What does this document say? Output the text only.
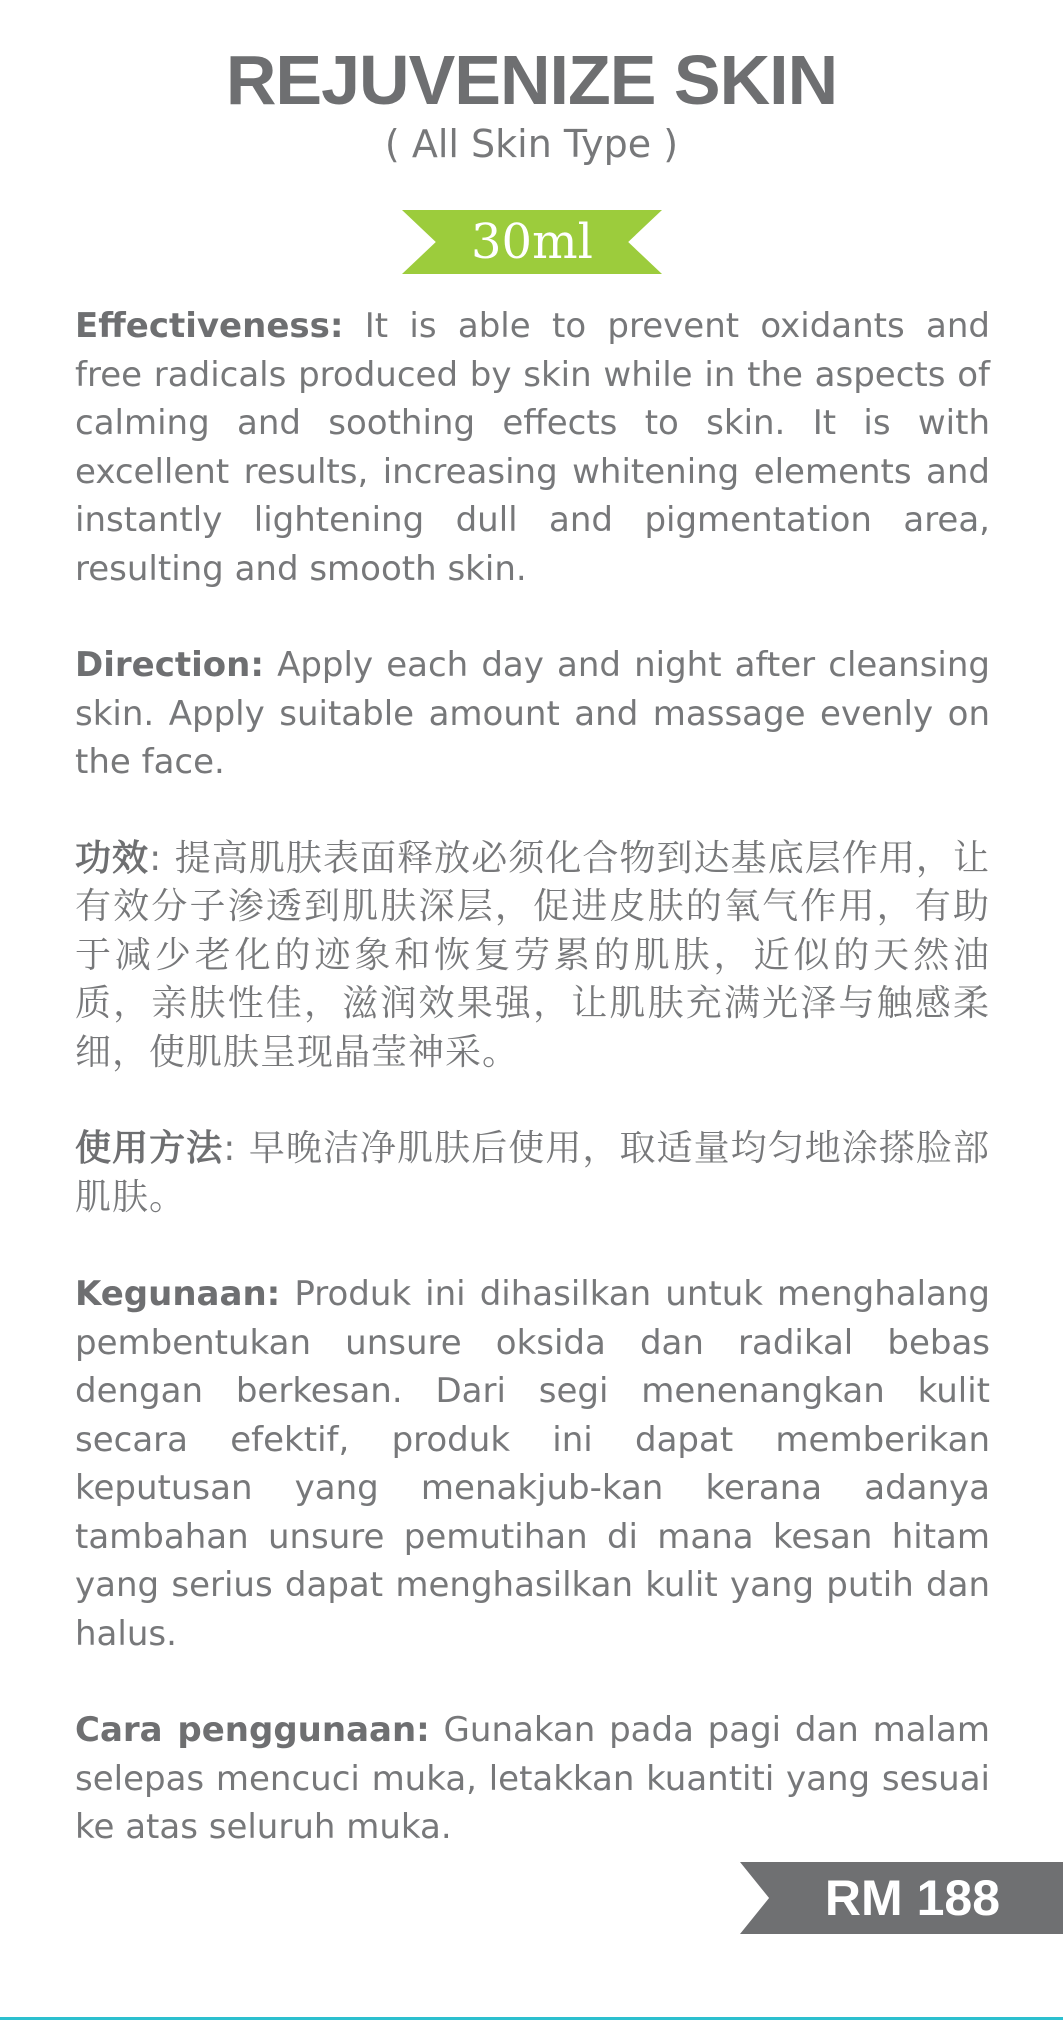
REJUVENIZE SKIN
( All Skin Type )
30ml

Effectiveness: It is able to prevent oxidants and free radicals produced by skin while in the aspects of calming and soothing effects to skin. It is with excellent results, increasing whitening elements and instantly lightening dull and pigmentation area, resulting and smooth skin.

Direction: Apply each day and night after cleansing skin. Apply suitable amount and massage evenly on the face.

功效: 提高肌肤表面释放必须化合物到达基底层作用，让有效分子渗透到肌肤深层，促进皮肤的氧气作用，有助于减少老化的迹象和恢复劳累的肌肤，近似的天然油质，亲肤性佳，滋润效果强，让肌肤充满光泽与触感柔细，使肌肤呈现晶莹神采。

使用方法: 早晚洁净肌肤后使用，取适量均匀地涂搽脸部肌肤。

Kegunaan: Produk ini dihasilkan untuk menghalang pembentukan unsure oksida dan radikal bebas dengan berkesan. Dari segi menenangkan kulit secara efektif, produk ini dapat memberikan keputusan yang menakjub-kan kerana adanya tambahan unsure pemutihan di mana kesan hitam yang serius dapat menghasilkan kulit yang putih dan halus.

Cara penggunaan: Gunakan pada pagi dan malam selepas mencuci muka, letakkan kuantiti yang sesuai ke atas seluruh muka.

RM 188
